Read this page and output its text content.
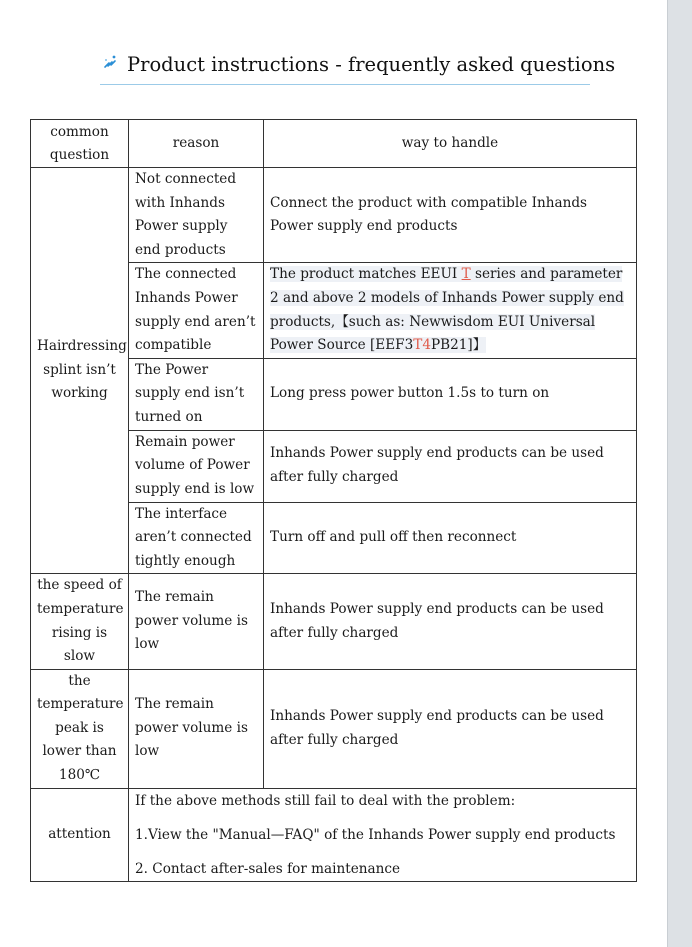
Product instructions - frequently asked questions
common question	reason	way to handle
Hairdressing splint isn’t working	Not connected with Inhands Power supply end products	Connect the product with compatible Inhands Power supply end products
	The connected Inhands Power supply end aren’t compatible	The product matches EEUI T series and parameter 2 and above 2 models of Inhands Power supply end products,【such as: Newwisdom EUI Universal Power Source [EEF3T4PB21]】
	The Power supply end isn’t turned on	Long press power button 1.5s to turn on
	Remain power volume of Power supply end is low	Inhands Power supply end products can be used after fully charged
	The interface aren’t connected tightly enough	Turn off and pull off then reconnect
the speed of temperature rising is slow	The remain power volume is low	Inhands Power supply end products can be used after fully charged
the temperature peak is lower than 180℃	The remain power volume is low	Inhands Power supply end products can be used after fully charged
attention	If the above methods still fail to deal with the problem:
1.View the "Manual—FAQ" of the Inhands Power supply end products
2. Contact after-sales for maintenance	
